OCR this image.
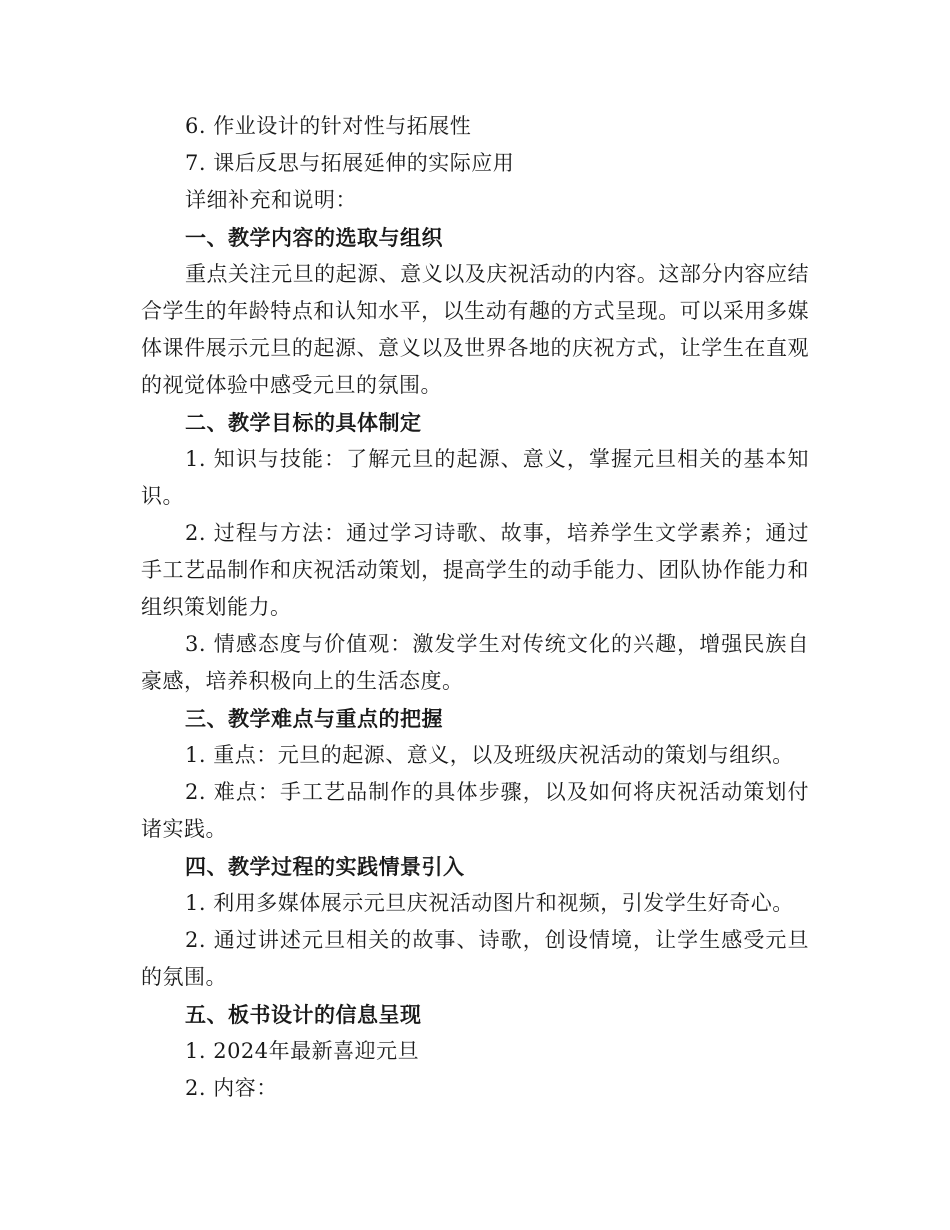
6. 作业设计的针对性与拓展性

7. 课后反思与拓展延伸的实际应用

详细补充和说明：

一、教学内容的选取与组织

重点关注元旦的起源、意义以及庆祝活动的内容。这部分内容应结合学生的年龄特点和认知水平，以生动有趣的方式呈现。可以采用多媒体课件展示元旦的起源、意义以及世界各地的庆祝方式，让学生在直观的视觉体验中感受元旦的氛围。

二、教学目标的具体制定

1. 知识与技能：了解元旦的起源、意义，掌握元旦相关的基本知识。

2. 过程与方法：通过学习诗歌、故事，培养学生文学素养；通过手工艺品制作和庆祝活动策划，提高学生的动手能力、团队协作能力和组织策划能力。

3. 情感态度与价值观：激发学生对传统文化的兴趣，增强民族自豪感，培养积极向上的生活态度。

三、教学难点与重点的把握

1. 重点：元旦的起源、意义，以及班级庆祝活动的策划与组织。

2. 难点：手工艺品制作的具体步骤，以及如何将庆祝活动策划付诸实践。

四、教学过程的实践情景引入

1. 利用多媒体展示元旦庆祝活动图片和视频，引发学生好奇心。

2. 通过讲述元旦相关的故事、诗歌，创设情境，让学生感受元旦的氛围。

五、板书设计的信息呈现

1. 2024年最新喜迎元旦

2. 内容：
